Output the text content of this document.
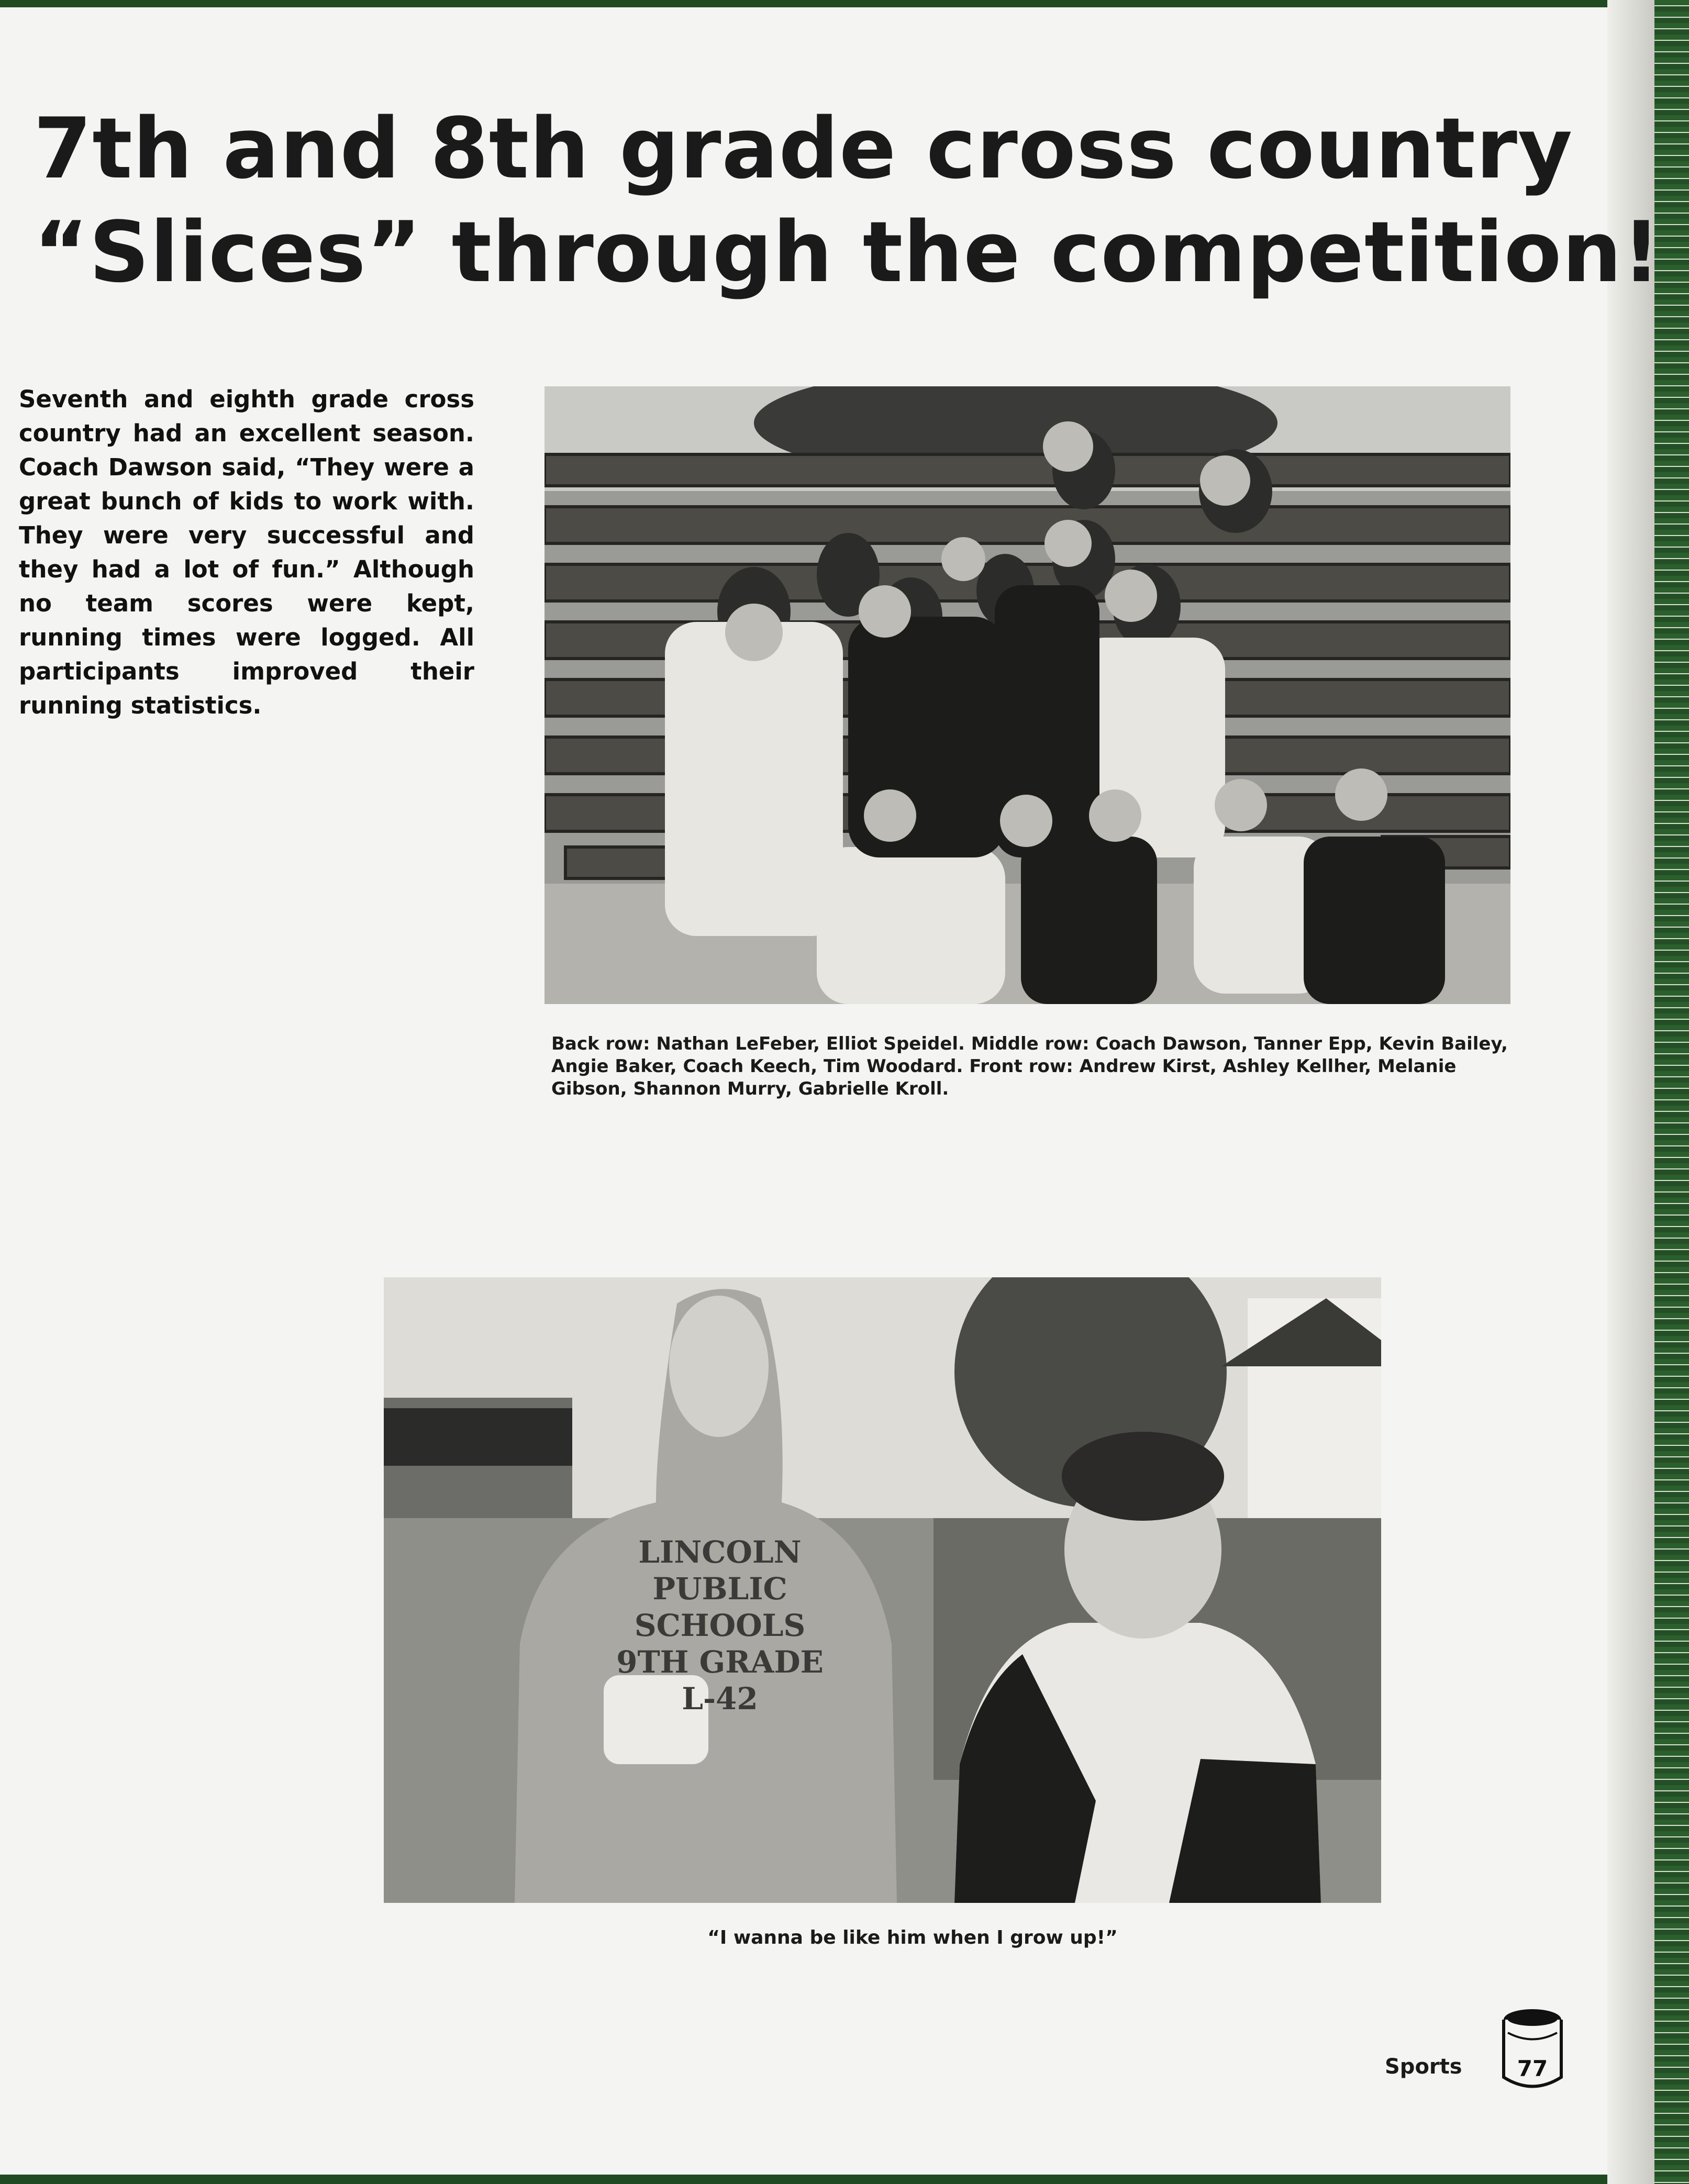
7th and 8th grade cross country
“Slices” through the competition!

Seventh and eighth grade cross country had an excellent season. Coach Dawson said, “They were a great bunch of kids to work with. They were very successful and they had a lot of fun.” Although no team scores were kept, running times were logged. All participants improved their running statistics.

Back row: Nathan LeFeber, Elliot Speidel. Middle row: Coach Dawson, Tanner Epp, Kevin Bailey, Angie Baker, Coach Keech, Tim Woodard. Front row: Andrew Kirst, Ashley Kellher, Melanie Gibson, Shannon Murry, Gabrielle Kroll.

LINCOLN
PUBLIC SCHOOLS
9TH GRADE
L-42

“I wanna be like him when I grow up!”

Sports	77
